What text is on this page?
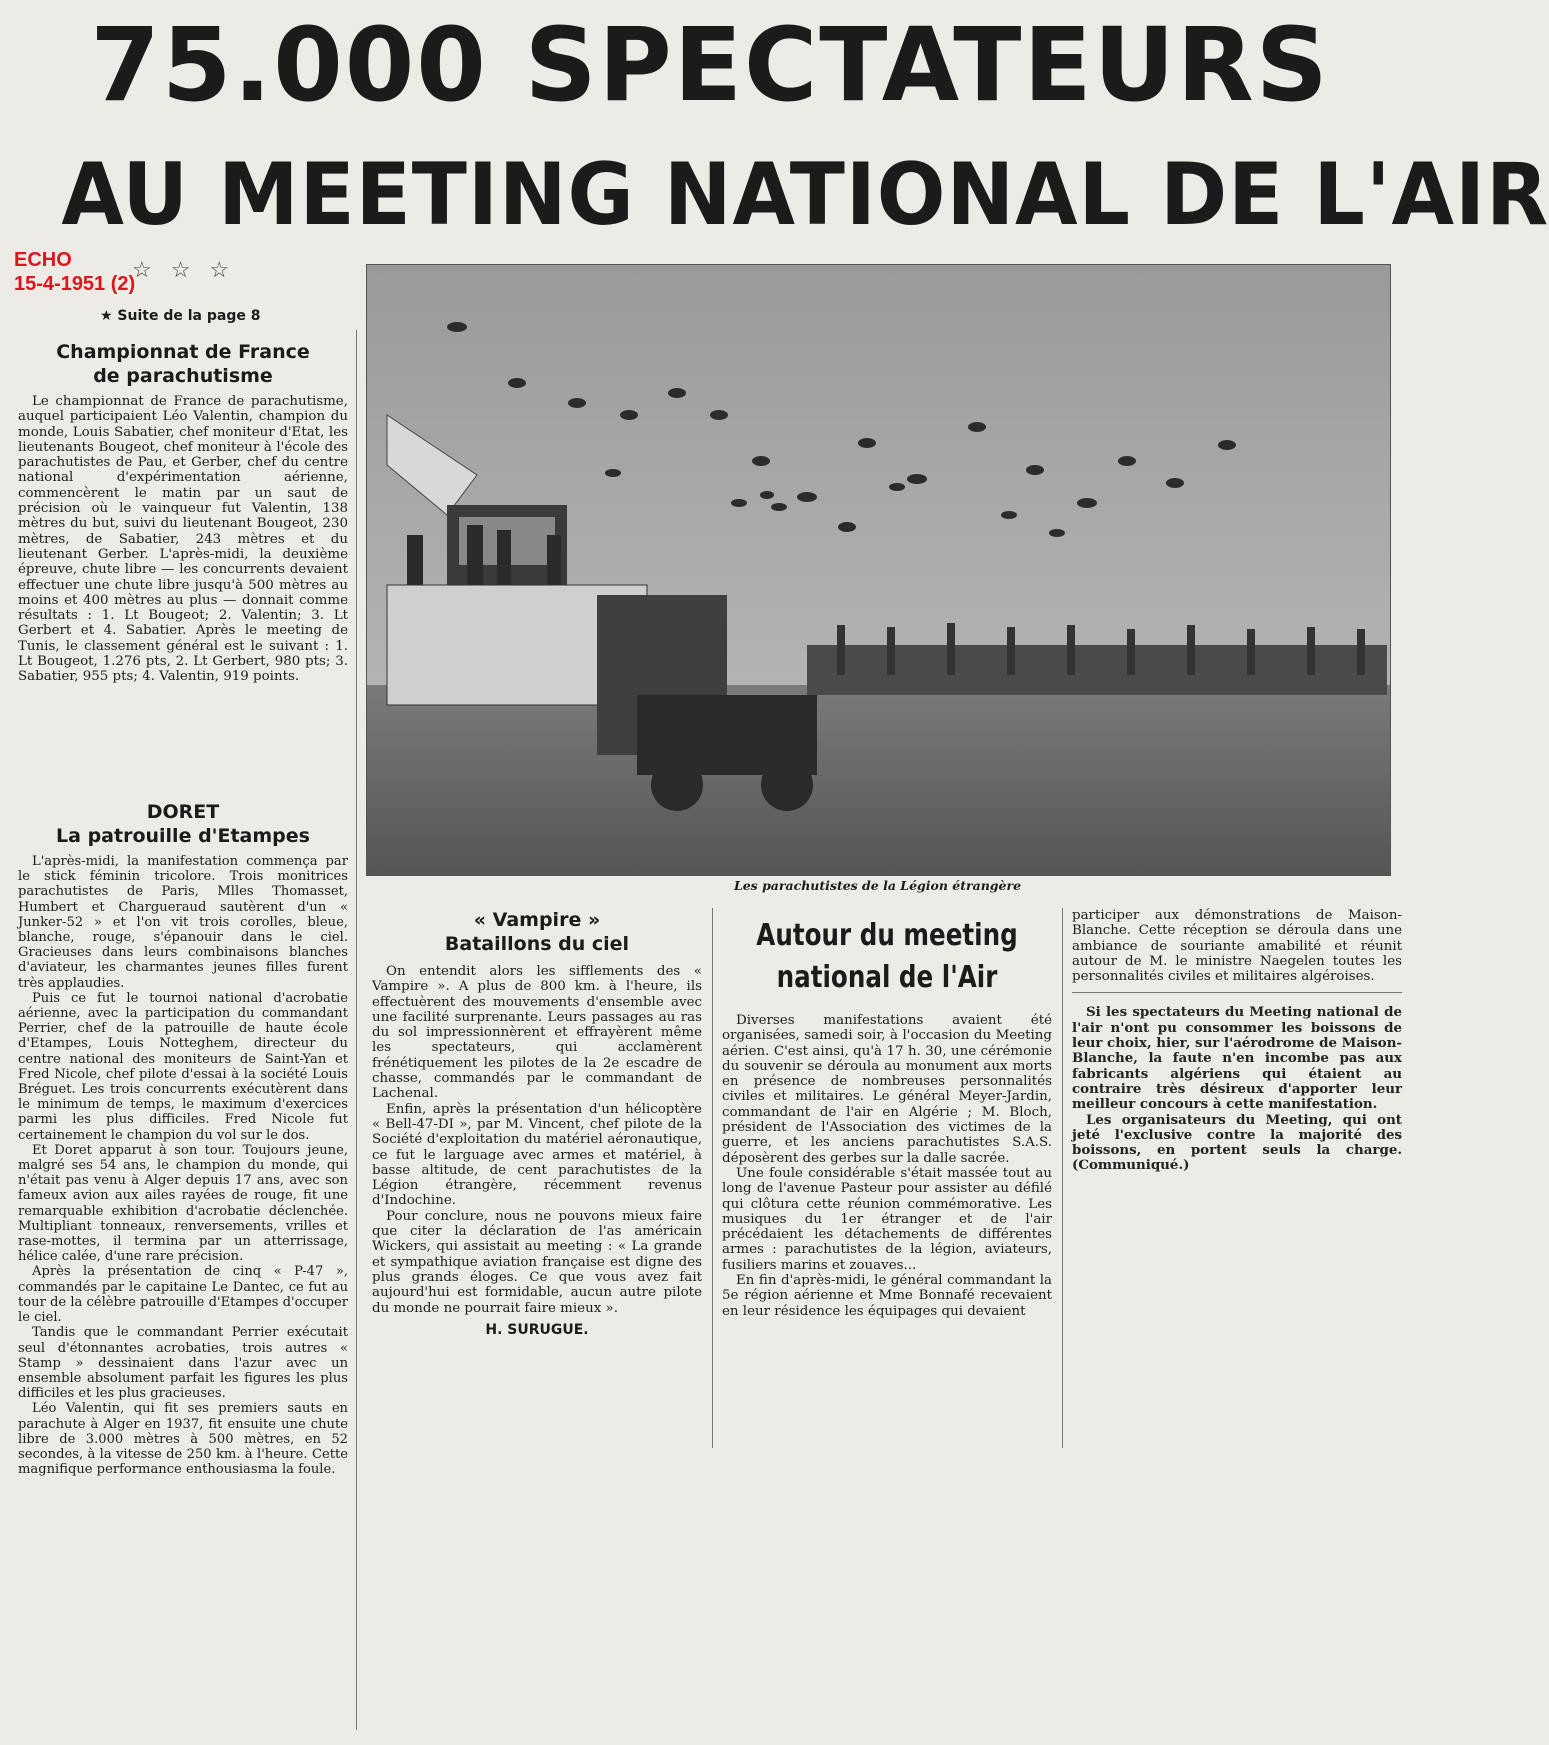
75.000 SPECTATEURS
AU MEETING NATIONAL DE L'AIR
ECHO
15-4-1951 (2)
☆ ☆ ☆
★ Suite de la page 8
Championnat de France
de parachutisme

Le championnat de France de parachutisme, auquel participaient Léo Valentin, champion du monde, Louis Sabatier, chef moniteur d'Etat, les lieutenants Bougeot, chef moniteur à l'école des parachutistes de Pau, et Gerber, chef du centre national d'expérimentation aérienne, commencèrent le matin par un saut de précision où le vainqueur fut Valentin, 138 mètres du but, suivi du lieutenant Bougeot, 230 mètres, de Sabatier, 243 mètres et du lieutenant Gerber. L'après-midi, la deuxième épreuve, chute libre — les concurrents devaient effectuer une chute libre jusqu'à 500 mètres au moins et 400 mètres au plus — donnait comme résultats : 1. Lt Bougeot; 2. Valentin; 3. Lt Gerbert et 4. Sabatier. Après le meeting de Tunis, le classement général est le suivant : 1. Lt Bougeot, 1.276 pts, 2. Lt Gerbert, 980 pts; 3. Sabatier, 955 pts; 4. Valentin, 919 points.

DORET
La patrouille d'Etampes

L'après-midi, la manifestation commença par le stick féminin tricolore. Trois monitrices parachutistes de Paris, Mlles Thomasset, Humbert et Chargueraud sautèrent d'un « Junker-52 » et l'on vit trois corolles, bleue, blanche, rouge, s'épanouir dans le ciel. Gracieuses dans leurs combinaisons blanches d'aviateur, les charmantes jeunes filles furent très applaudies.

Puis ce fut le tournoi national d'acrobatie aérienne, avec la participation du commandant Perrier, chef de la patrouille de haute école d'Etampes, Louis Notteghem, directeur du centre national des moniteurs de Saint-Yan et Fred Nicole, chef pilote d'essai à la société Louis Bréguet. Les trois concurrents exécutèrent dans le minimum de temps, le maximum d'exercices parmi les plus difficiles. Fred Nicole fut certainement le champion du vol sur le dos.

Et Doret apparut à son tour. Toujours jeune, malgré ses 54 ans, le champion du monde, qui n'était pas venu à Alger depuis 17 ans, avec son fameux avion aux ailes rayées de rouge, fit une remarquable exhibition d'acrobatie déclenchée. Multipliant tonneaux, renversements, vrilles et rase-mottes, il termina par un atterrissage, hélice calée, d'une rare précision.

Après la présentation de cinq « P-47 », commandés par le capitaine Le Dantec, ce fut au tour de la célèbre patrouille d'Etampes d'occuper le ciel.

Tandis que le commandant Perrier exécutait seul d'étonnantes acrobaties, trois autres « Stamp » dessinaient dans l'azur avec un ensemble absolument parfait les figures les plus difficiles et les plus gracieuses.

Léo Valentin, qui fit ses premiers sauts en parachute à Alger en 1937, fit ensuite une chute libre de 3.000 mètres à 500 mètres, en 52 secondes, à la vitesse de 250 km. à l'heure. Cette magnifique performance enthousiasma la foule.

Les parachutistes de la Légion étrangère
« Vampire »
Bataillons du ciel

On entendit alors les sifflements des « Vampire ». A plus de 800 km. à l'heure, ils effectuèrent des mouvements d'ensemble avec une facilité surprenante. Leurs passages au ras du sol impressionnèrent et effrayèrent même les spectateurs, qui acclamèrent frénétiquement les pilotes de la 2e escadre de chasse, commandés par le commandant de Lachenal.

Enfin, après la présentation d'un hélicoptère « Bell-47-DI », par M. Vincent, chef pilote de la Société d'exploitation du matériel aéronautique, ce fut le larguage avec armes et matériel, à basse altitude, de cent parachutistes de la Légion étrangère, récemment revenus d'Indochine.

Pour conclure, nous ne pouvons mieux faire que citer la déclaration de l'as américain Wickers, qui assistait au meeting : « La grande et sympathique aviation française est digne des plus grands éloges. Ce que vous avez fait aujourd'hui est formidable, aucun autre pilote du monde ne pourrait faire mieux ».

H. SURUGUE.
Autour du meeting
national de l'Air

Diverses manifestations avaient été organisées, samedi soir, à l'occasion du Meeting aérien. C'est ainsi, qu'à 17 h. 30, une cérémonie du souvenir se déroula au monument aux morts en présence de nombreuses personnalités civiles et militaires. Le général Meyer-Jardin, commandant de l'air en Algérie ; M. Bloch, président de l'Association des victimes de la guerre, et les anciens parachutistes S.A.S. déposèrent des gerbes sur la dalle sacrée.

Une foule considérable s'était massée tout au long de l'avenue Pasteur pour assister au défilé qui clôtura cette réunion commémorative. Les musiques du 1er étranger et de l'air précédaient les détachements de différentes armes : parachutistes de la légion, aviateurs, fusiliers marins et zouaves...

En fin d'après-midi, le général commandant la 5e région aérienne et Mme Bonnafé recevaient en leur résidence les équipages qui devaient

participer aux démonstrations de Maison-Blanche. Cette réception se déroula dans une ambiance de souriante amabilité et réunit autour de M. le ministre Naegelen toutes les personnalités civiles et militaires algéroises.

Si les spectateurs du Meeting national de l'air n'ont pu consommer les boissons de leur choix, hier, sur l'aérodrome de Maison-Blanche, la faute n'en incombe pas aux fabricants algériens qui étaient au contraire très désireux d'apporter leur meilleur concours à cette manifestation.

Les organisateurs du Meeting, qui ont jeté l'exclusive contre la majorité des boissons, en portent seuls la charge. (Communiqué.)
